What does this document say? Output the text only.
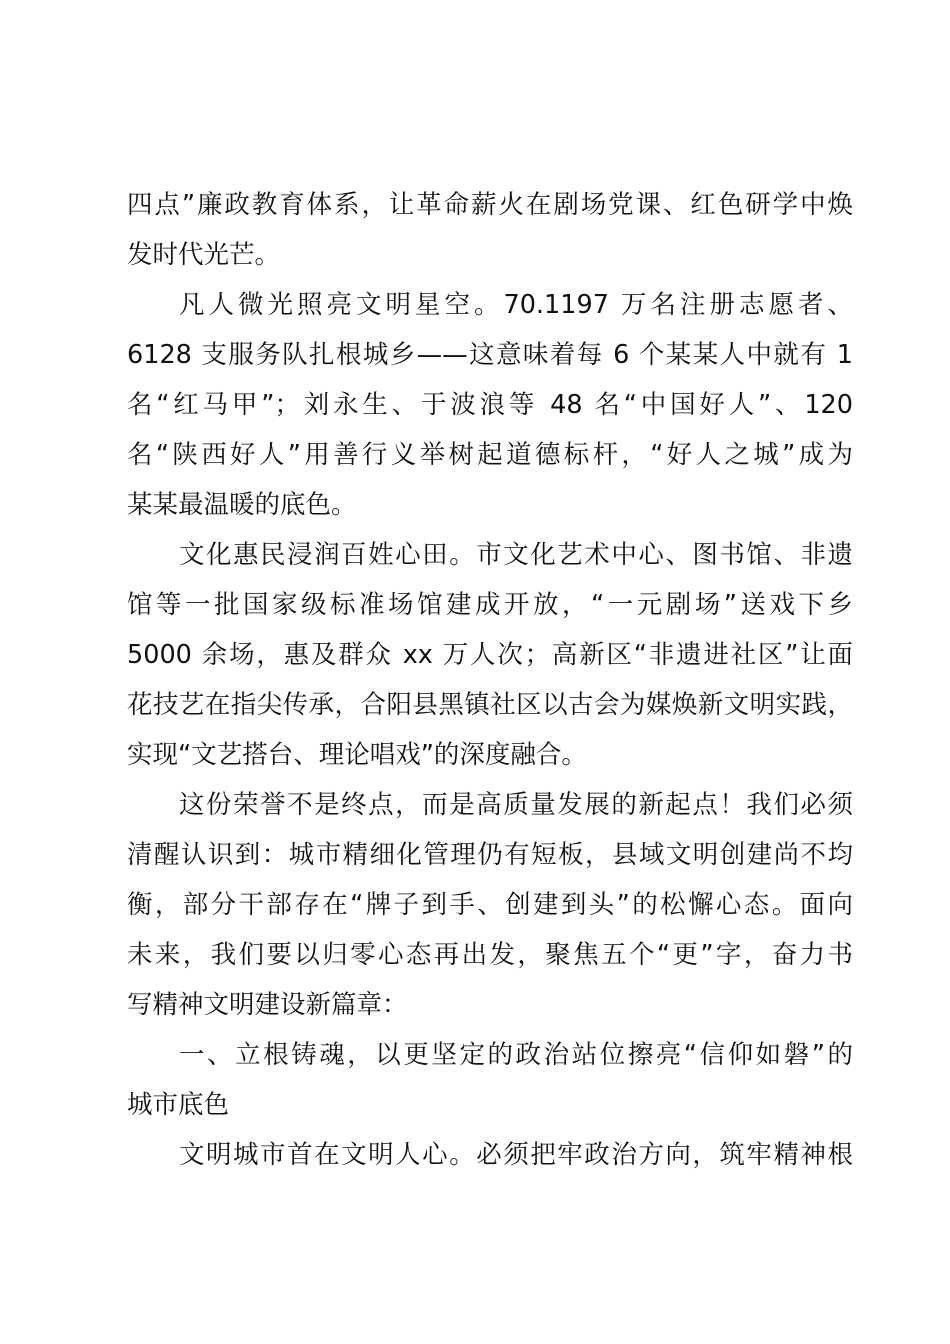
四点”廉政教育体系，让革命薪火在剧场党课、红色研学中焕
发时代光芒。
凡人微光照亮文明星空。70.1197 万名注册志愿者、
6128 支服务队扎根城乡——这意味着每 6 个某某人中就有 1
名“红马甲”；刘永生、于波浪等 48 名“中国好人”、120
名“陕西好人”用善行义举树起道德标杆，“好人之城”成为
某某最温暖的底色。
文化惠民浸润百姓心田。市文化艺术中心、图书馆、非遗
馆等一批国家级标准场馆建成开放，“一元剧场”送戏下乡
5000 余场，惠及群众 xx 万人次；高新区“非遗进社区”让面
花技艺在指尖传承，合阳县黑镇社区以古会为媒焕新文明实践，
实现“文艺搭台、理论唱戏”的深度融合。
这份荣誉不是终点，而是高质量发展的新起点！我们必须
清醒认识到：城市精细化管理仍有短板，县域文明创建尚不均
衡，部分干部存在“牌子到手、创建到头”的松懈心态。面向
未来，我们要以归零心态再出发，聚焦五个“更”字，奋力书
写精神文明建设新篇章：
一、立根铸魂，以更坚定的政治站位擦亮“信仰如磐”的
城市底色
文明城市首在文明人心。必须把牢政治方向，筑牢精神根
